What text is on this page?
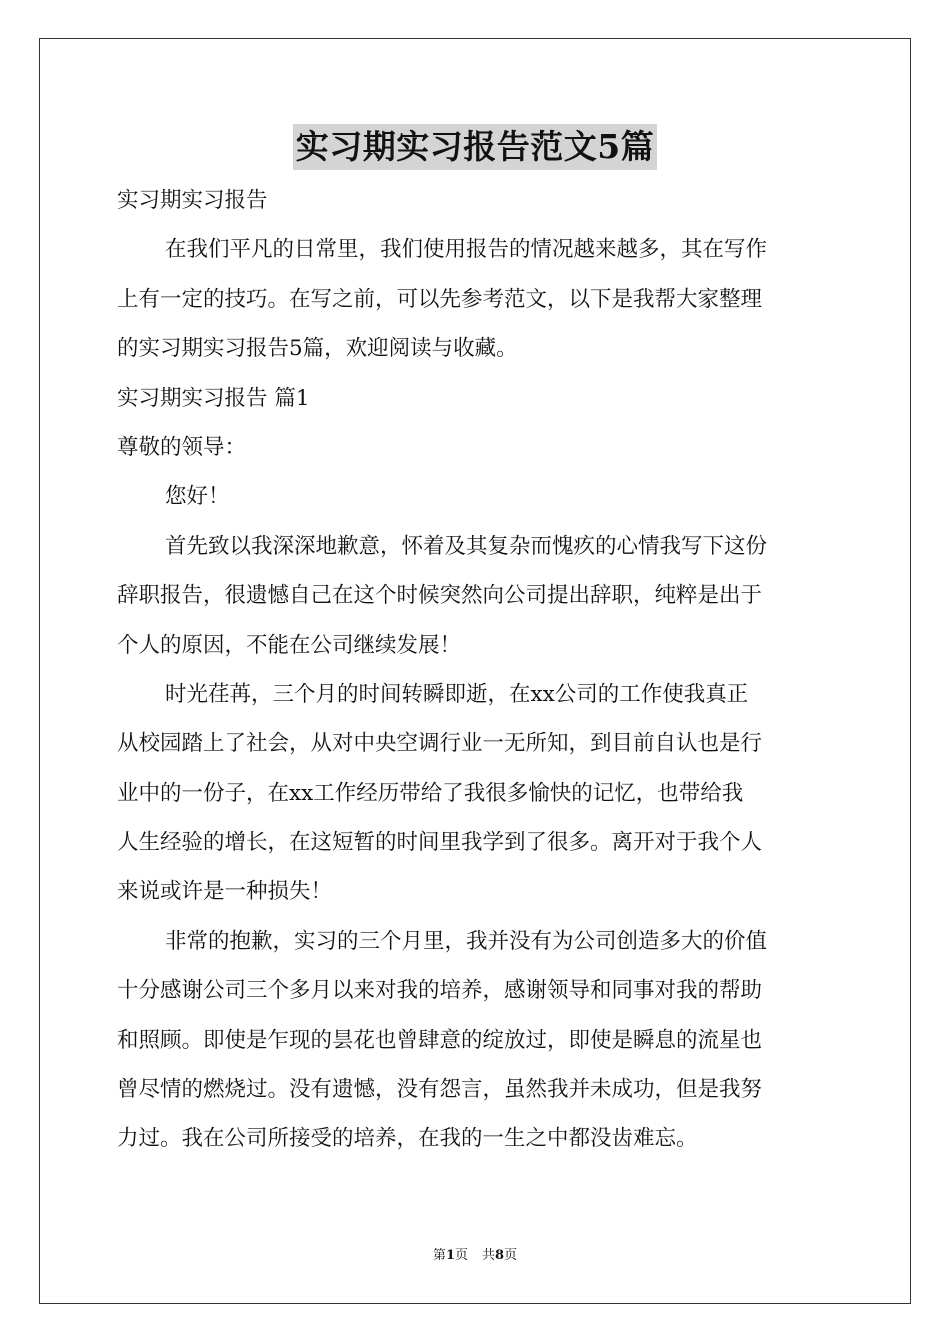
实习期实习报告范文5篇
实习期实习报告
在我们平凡的日常里，我们使用报告的情况越来越多，其在写作
上有一定的技巧。在写之前，可以先参考范文，以下是我帮大家整理
的实习期实习报告5篇，欢迎阅读与收藏。
实习期实习报告 篇1
尊敬的领导：
您好！
首先致以我深深地歉意，怀着及其复杂而愧疚的心情我写下这份
辞职报告，很遗憾自己在这个时候突然向公司提出辞职，纯粹是出于
个人的原因，不能在公司继续发展！
时光荏苒，三个月的时间转瞬即逝，在xx公司的工作使我真正
从校园踏上了社会，从对中央空调行业一无所知，到目前自认也是行
业中的一份子，在xx工作经历带给了我很多愉快的记忆，也带给我
人生经验的增长，在这短暂的时间里我学到了很多。离开对于我个人
来说或许是一种损失！
非常的抱歉，实习的三个月里，我并没有为公司创造多大的价值
十分感谢公司三个多月以来对我的培养，感谢领导和同事对我的帮助
和照顾。即使是乍现的昙花也曾肆意的绽放过，即使是瞬息的流星也
曾尽情的燃烧过。没有遗憾，没有怨言，虽然我并未成功，但是我努
力过。我在公司所接受的培养，在我的一生之中都没齿难忘。
第1页 共8页
